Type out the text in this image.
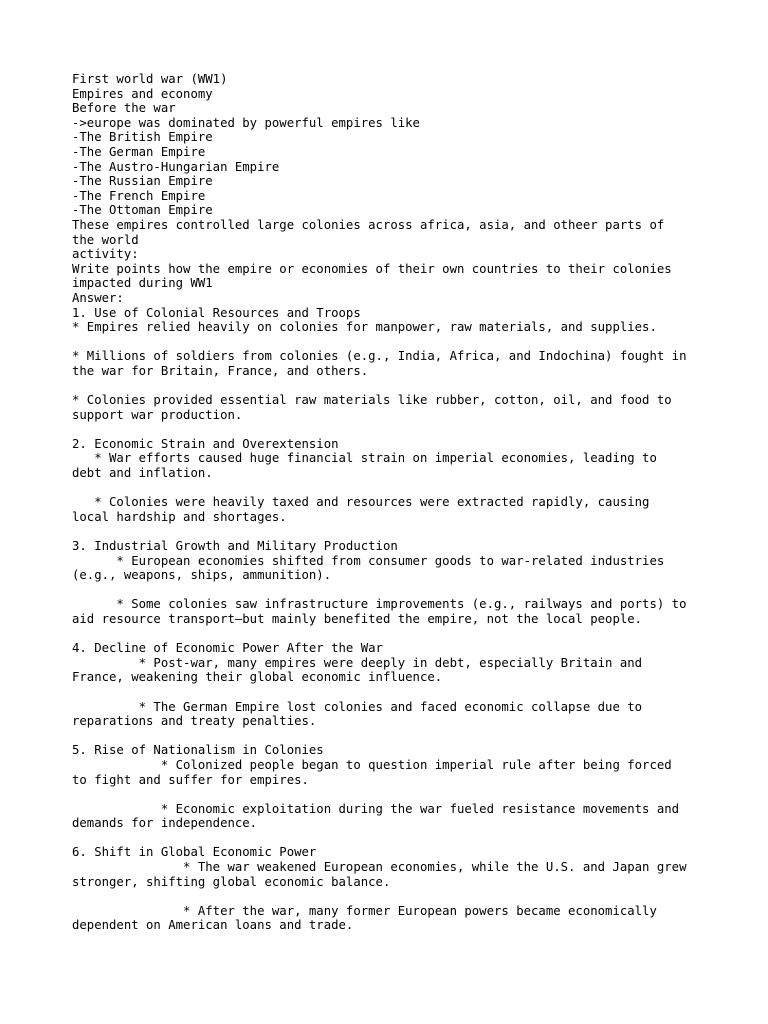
First world war (WW1)
Empires and economy
Before the war
->europe was dominated by powerful empires like
-The British Empire
-The German Empire
-The Austro-Hungarian Empire
-The Russian Empire
-The French Empire
-The Ottoman Empire
These empires controlled large colonies across africa, asia, and otheer parts of
the world
activity:
Write points how the empire or economies of their own countries to their colonies
impacted during WW1
Answer:
1. Use of Colonial Resources and Troops
* Empires relied heavily on colonies for manpower, raw materials, and supplies.
* Millions of soldiers from colonies (e.g., India, Africa, and Indochina) fought in
the war for Britain, France, and others.
* Colonies provided essential raw materials like rubber, cotton, oil, and food to
support war production.
2. Economic Strain and Overextension
* War efforts caused huge financial strain on imperial economies, leading to
debt and inflation.
* Colonies were heavily taxed and resources were extracted rapidly, causing
local hardship and shortages.
3. Industrial Growth and Military Production
* European economies shifted from consumer goods to war-related industries
(e.g., weapons, ships, ammunition).
* Some colonies saw infrastructure improvements (e.g., railways and ports) to
aid resource transport—but mainly benefited the empire, not the local people.
4. Decline of Economic Power After the War
* Post-war, many empires were deeply in debt, especially Britain and
France, weakening their global economic influence.
* The German Empire lost colonies and faced economic collapse due to
reparations and treaty penalties.
5. Rise of Nationalism in Colonies
* Colonized people began to question imperial rule after being forced
to fight and suffer for empires.
* Economic exploitation during the war fueled resistance movements and
demands for independence.
6. Shift in Global Economic Power
* The war weakened European economies, while the U.S. and Japan grew
stronger, shifting global economic balance.
* After the war, many former European powers became economically
dependent on American loans and trade.
